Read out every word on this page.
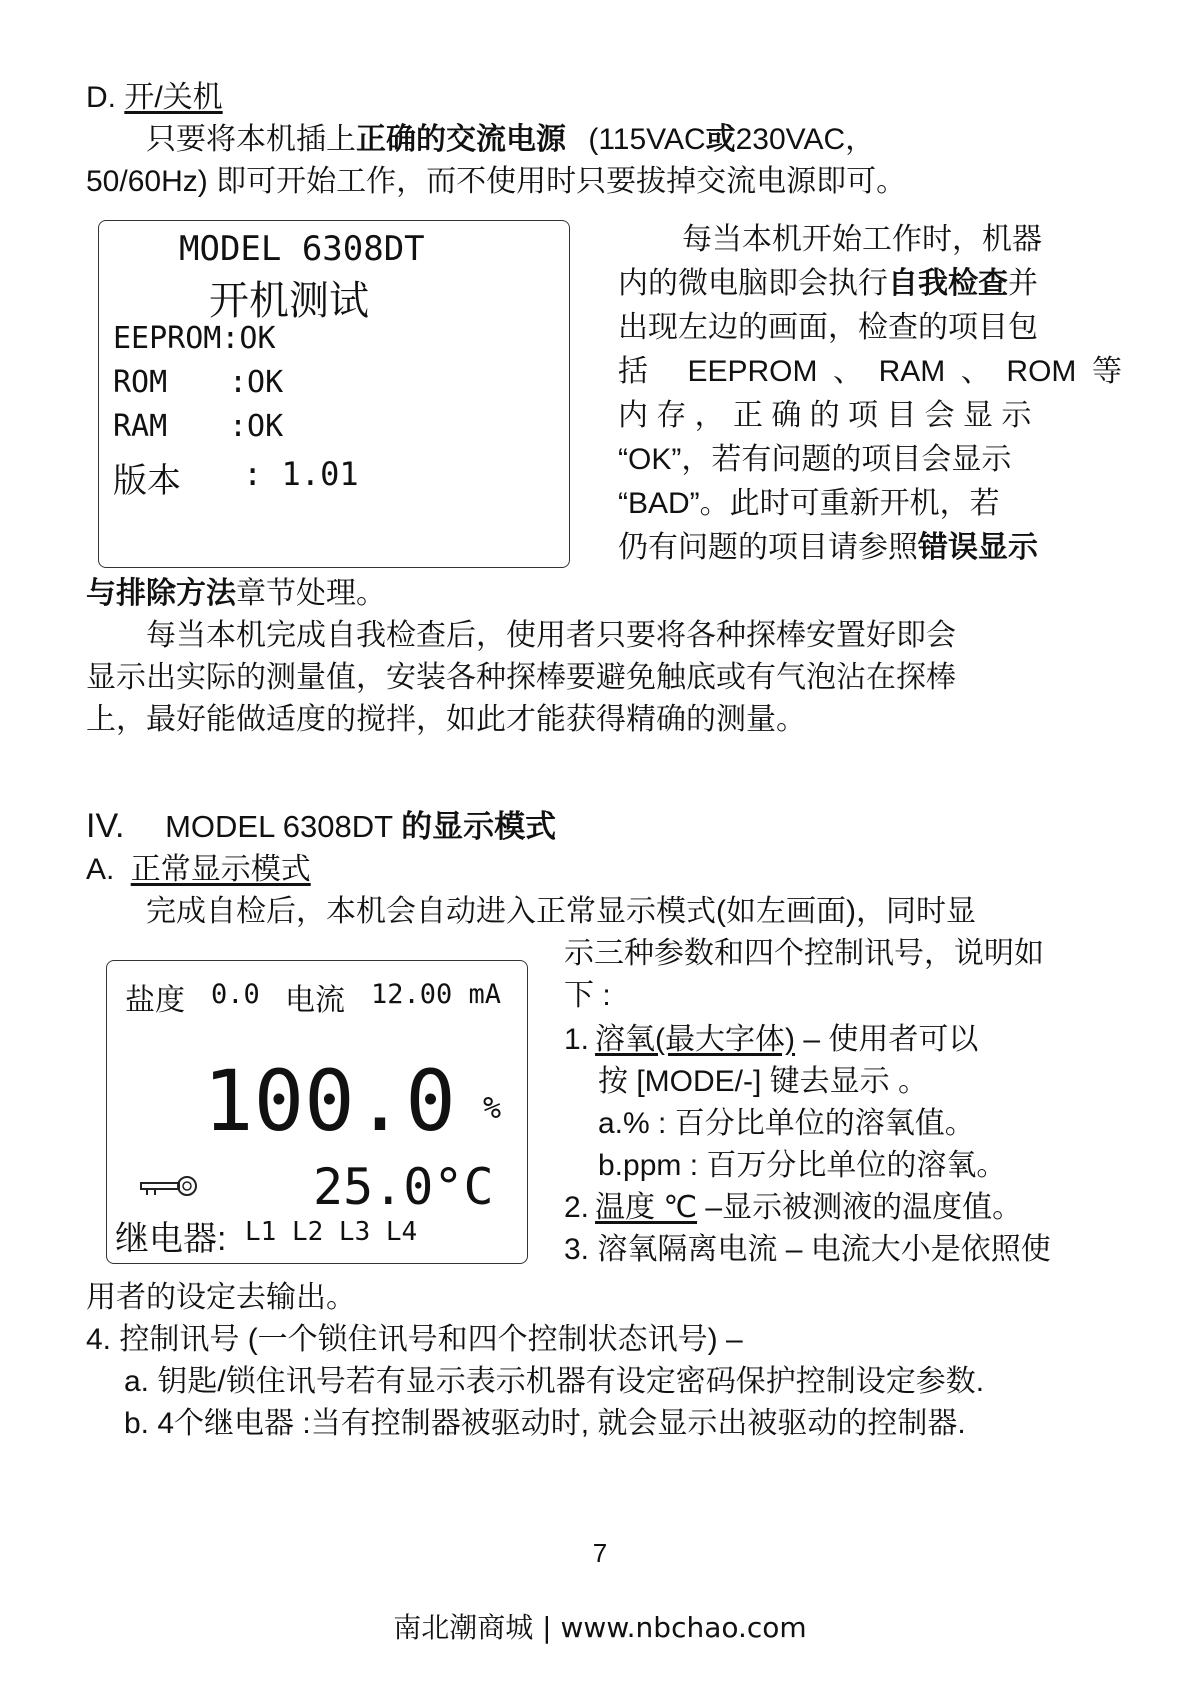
D. 开/关机
只要将本机插上正确的交流电源 (115VAC或230VAC，
50/60Hz) 即可开始工作，而不使用时只要拔掉交流电源即可。
MODEL 6308DT
开机测试
EEPROM:OK
ROM :OK
RAM :OK
版本 : 1.01
每当本机开始工作时，机器
内的微电脑即会执行自我检查并
出现左边的画面，检查的项目包
括 EEPROM、RAM、ROM等
内 存 ， 正 确 的 项 目 会 显 示
“OK”，若有问题的项目会显示
“BAD”。此时可重新开机，若
仍有问题的项目请参照错误显示
与排除方法章节处理。
每当本机完成自我检查后，使用者只要将各种探棒安置好即会
显示出实际的测量值，安装各种探棒要避免触底或有气泡沾在探棒
上，最好能做适度的搅拌，如此才能获得精确的测量。
IV. MODEL 6308DT 的显示模式
A. 正常显示模式
完成自检后，本机会自动进入正常显示模式(如左画面)，同时显
示三种参数和四个控制讯号，说明如
下 :
盐度 0.0 电流 12.00 mA
100.0 %
25.0°C
继电器: L1 L2 L3 L4
1. 溶氧(最大字体) – 使用者可以
按 [MODE/-] 键去显示 。
a.% : 百分比单位的溶氧值。
b.ppm : 百万分比单位的溶氧。
2. 温度 ℃ –显示被测液的温度值。
3. 溶氧隔离电流 – 电流大小是依照使
用者的设定去输出。
4. 控制讯号 (一个锁住讯号和四个控制状态讯号) –
a. 钥匙/锁住讯号若有显示表示机器有设定密码保护控制设定参数.
b. 4个继电器 :当有控制器被驱动时, 就会显示出被驱动的控制器.
7
南北潮商城 | www.nbchao.com
